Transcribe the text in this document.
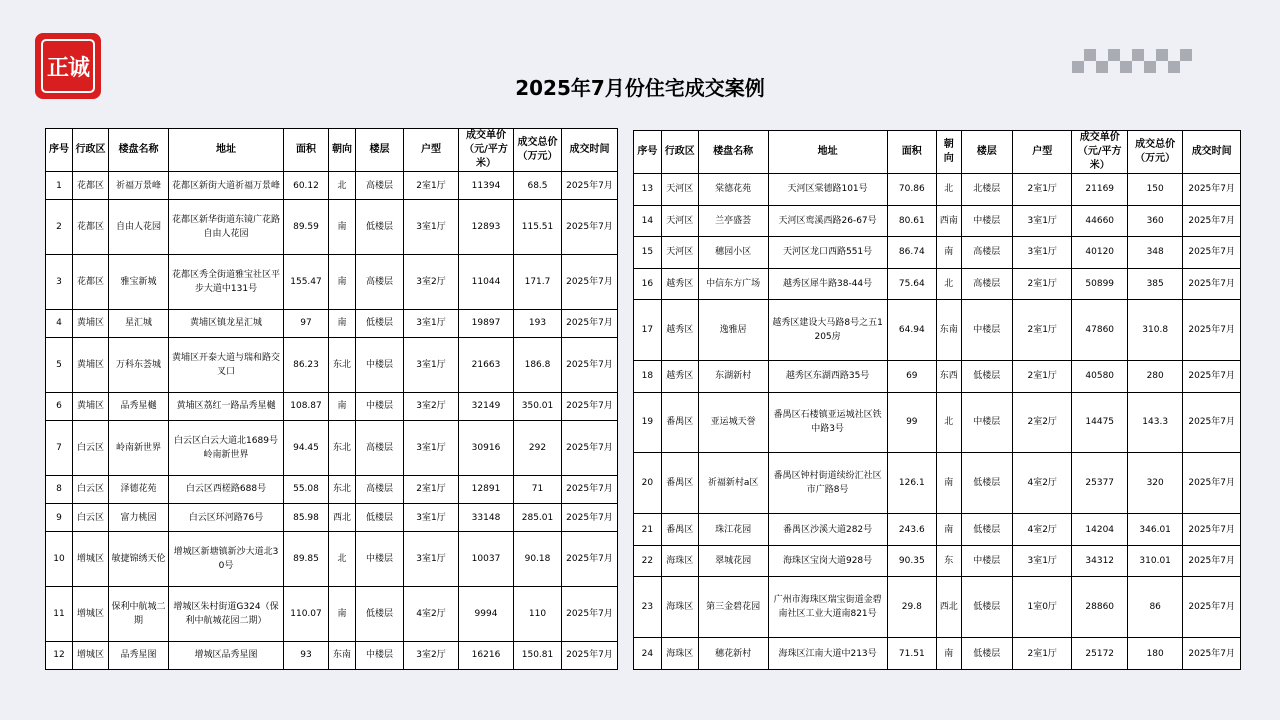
正诚
2025年7月份住宅成交案例
序号	行政区	楼盘名称	地址	面积	朝向	楼层	户型	成交单价（元/平方米）	成交总价（万元）	成交时间
1	花都区	祈福万景峰	花都区新街大道祈福万景峰	60.12	北	高楼层	2室1厅	11394	68.5	2025年7月
2	花都区	自由人花园	花都区新华街道东镜广花路自由人花园	89.59	南	低楼层	3室1厅	12893	115.51	2025年7月
3	花都区	雅宝新城	花都区秀全街道雅宝社区平步大道中131号	155.47	南	高楼层	3室2厅	11044	171.7	2025年7月
4	黄埔区	星汇城	黄埔区镇龙星汇城	97	南	低楼层	3室1厅	19897	193	2025年7月
5	黄埔区	万科东荟城	黄埔区开泰大道与瑞和路交叉口	86.23	东北	中楼层	3室1厅	21663	186.8	2025年7月
6	黄埔区	品秀星樾	黄埔区荔红一路品秀星樾	108.87	南	中楼层	3室2厅	32149	350.01	2025年7月
7	白云区	岭南新世界	白云区白云大道北1689号岭南新世界	94.45	东北	高楼层	3室1厅	30916	292	2025年7月
8	白云区	泽德花苑	白云区西槎路688号	55.08	东北	高楼层	2室1厅	12891	71	2025年7月
9	白云区	富力桃园	白云区环河路76号	85.98	西北	低楼层	3室1厅	33148	285.01	2025年7月
10	增城区	敏捷锦绣天伦	增城区新塘镇新沙大道北30号	89.85	北	中楼层	3室1厅	10037	90.18	2025年7月
11	增城区	保利中航城二期	增城区朱村街道G324（保利中航城花园二期）	110.07	南	低楼层	4室2厅	9994	110	2025年7月
12	增城区	品秀星图	增城区品秀星图	93	东南	中楼层	3室2厅	16216	150.81	2025年7月
序号	行政区	楼盘名称	地址	面积	朝向	楼层	户型	成交单价（元/平方米）	成交总价（万元）	成交时间
13	天河区	棠德花苑	天河区棠德路101号	70.86	北	北楼层	2室1厅	21169	150	2025年7月
14	天河区	兰亭盛荟	天河区鸾溪西路26-67号	80.61	西南	中楼层	3室1厅	44660	360	2025年7月
15	天河区	穗园小区	天河区龙口西路551号	86.74	南	高楼层	3室1厅	40120	348	2025年7月
16	越秀区	中信东方广场	越秀区犀牛路38-44号	75.64	北	高楼层	2室1厅	50899	385	2025年7月
17	越秀区	逸雅居	越秀区建设大马路8号之五1205房	64.94	东南	中楼层	2室1厅	47860	310.8	2025年7月
18	越秀区	东湖新村	越秀区东湖西路35号	69	东西	低楼层	2室1厅	40580	280	2025年7月
19	番禺区	亚运城天誉	番禺区石楼镇亚运城社区铁中路3号	99	北	中楼层	2室2厅	14475	143.3	2025年7月
20	番禺区	祈福新村a区	番禺区钟村街道续纷汇社区市广路8号	126.1	南	低楼层	4室2厅	25377	320	2025年7月
21	番禺区	珠江花园	番禺区沙溪大道282号	243.6	南	低楼层	4室2厅	14204	346.01	2025年7月
22	海珠区	翠城花园	海珠区宝岗大道928号	90.35	东	中楼层	3室1厅	34312	310.01	2025年7月
23	海珠区	第三金碧花园	广州市海珠区瑞宝街道金碧南社区工业大道南821号	29.8	西北	低楼层	1室0厅	28860	86	2025年7月
24	海珠区	穗花新村	海珠区江南大道中213号	71.51	南	低楼层	2室1厅	25172	180	2025年7月
